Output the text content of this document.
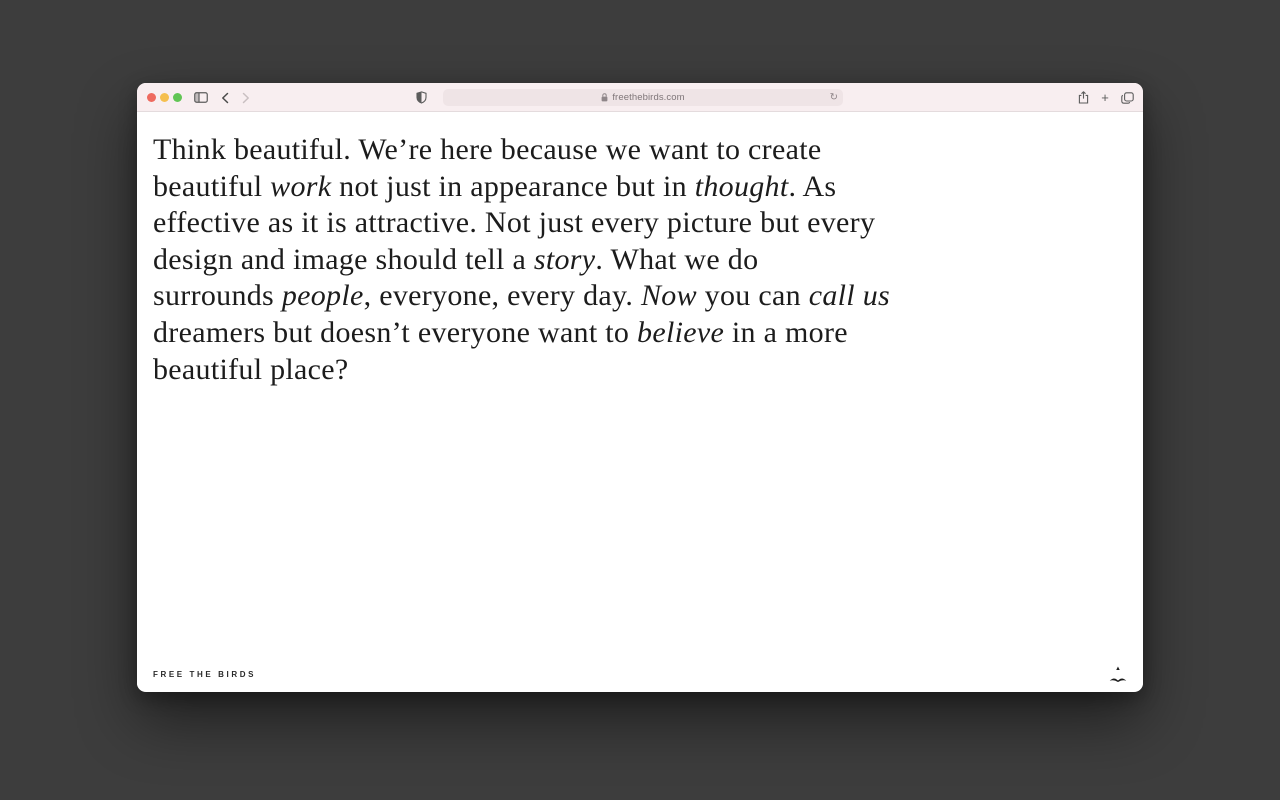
freethebirds.com	↻	+
Think beautiful. We’re here because we want to create
beautiful work not just in appearance but in thought. As
effective as it is attractive. Not just every picture but every
design and image should tell a story. What we do
surrounds people, everyone, every day. Now you can call us
dreamers but doesn’t everyone want to believe in a more
beautiful place?
FREE THE BIRDS
▲
